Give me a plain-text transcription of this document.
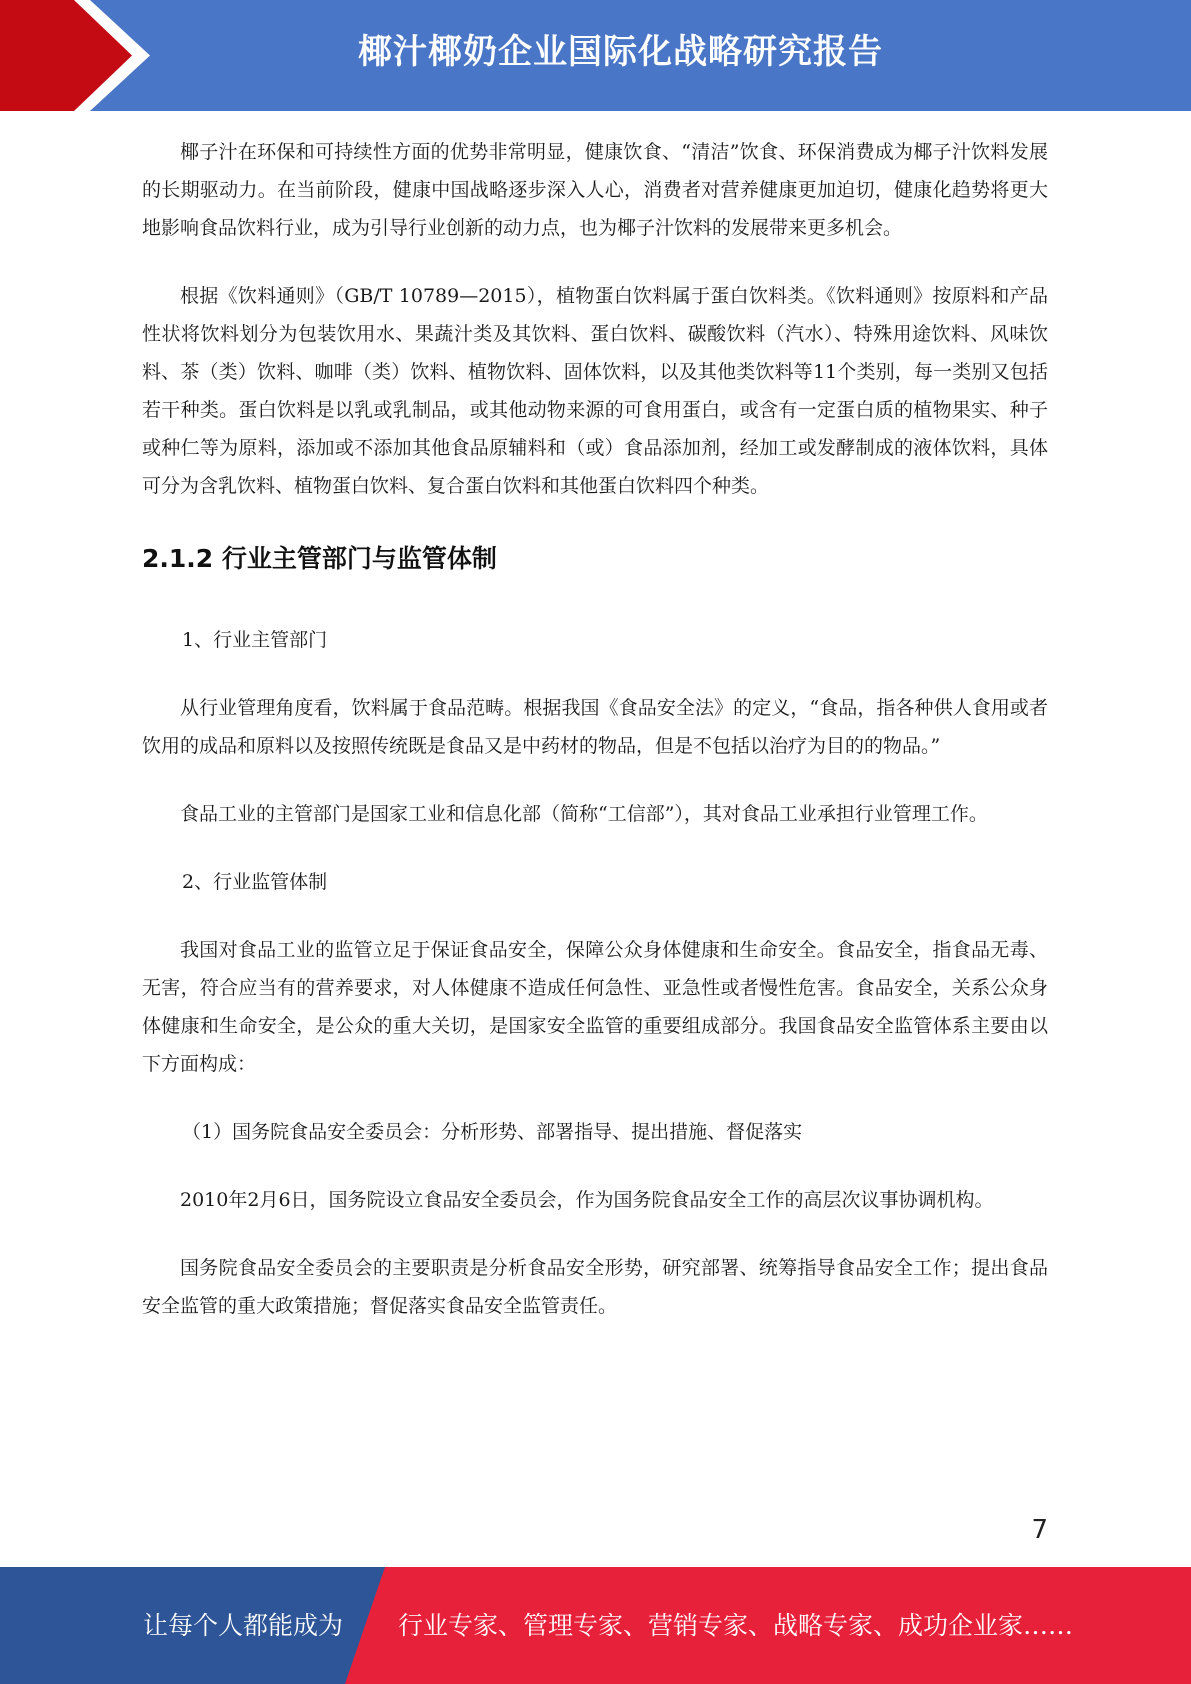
椰汁椰奶企业国际化战略研究报告

椰子汁在环保和可持续性方面的优势非常明显，健康饮食、“清洁”饮食、环保消费成为椰子汁饮料发展的长期驱动力。在当前阶段，健康中国战略逐步深入人心，消费者对营养健康更加迫切，健康化趋势将更大地影响食品饮料行业，成为引导行业创新的动力点，也为椰子汁饮料的发展带来更多机会。

根据《饮料通则》（GB/T 10789—2015），植物蛋白饮料属于蛋白饮料类。《饮料通则》按原料和产品性状将饮料划分为包装饮用水、果蔬汁类及其饮料、蛋白饮料、碳酸饮料（汽水）、特殊用途饮料、风味饮料、茶（类）饮料、咖啡（类）饮料、植物饮料、固体饮料，以及其他类饮料等11个类别，每一类别又包括若干种类。蛋白饮料是以乳或乳制品，或其他动物来源的可食用蛋白，或含有一定蛋白质的植物果实、种子或种仁等为原料，添加或不添加其他食品原辅料和（或）食品添加剂，经加工或发酵制成的液体饮料，具体可分为含乳饮料、植物蛋白饮料、复合蛋白饮料和其他蛋白饮料四个种类。

2.1.2 行业主管部门与监管体制

1、行业主管部门

从行业管理角度看，饮料属于食品范畴。根据我国《食品安全法》的定义，“食品，指各种供人食用或者饮用的成品和原料以及按照传统既是食品又是中药材的物品，但是不包括以治疗为目的的物品。”

食品工业的主管部门是国家工业和信息化部（简称“工信部”），其对食品工业承担行业管理工作。

2、行业监管体制

我国对食品工业的监管立足于保证食品安全，保障公众身体健康和生命安全。食品安全，指食品无毒、无害，符合应当有的营养要求，对人体健康不造成任何急性、亚急性或者慢性危害。食品安全，关系公众身体健康和生命安全，是公众的重大关切，是国家安全监管的重要组成部分。我国食品安全监管体系主要由以下方面构成：

（1）国务院食品安全委员会：分析形势、部署指导、提出措施、督促落实

2010年2月6日，国务院设立食品安全委员会，作为国务院食品安全工作的高层次议事协调机构。

国务院食品安全委员会的主要职责是分析食品安全形势，研究部署、统筹指导食品安全工作；提出食品安全监管的重大政策措施；督促落实食品安全监管责任。

7
让每个人都能成为 行业专家、管理专家、营销专家、战略专家、成功企业家……
